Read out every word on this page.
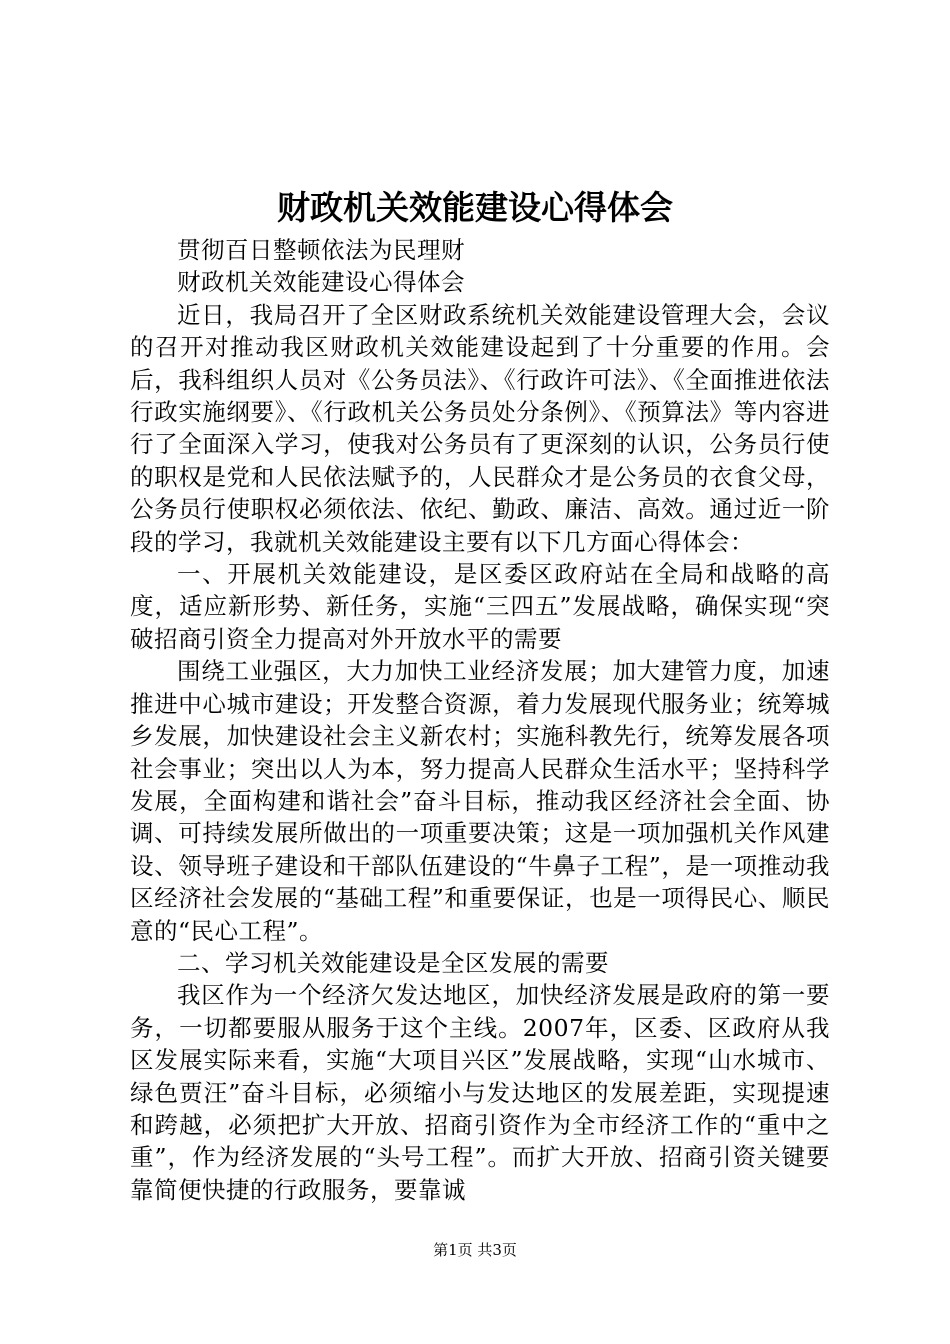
财政机关效能建设心得体会

贯彻百日整顿依法为民理财

财政机关效能建设心得体会

近日，我局召开了全区财政系统机关效能建设管理大会，会议的召开对推动我区财政机关效能建设起到了十分重要的作用。会后，我科组织人员对《公务员法》、《行政许可法》、《全面推进依法行政实施纲要》、《行政机关公务员处分条例》、《预算法》等内容进行了全面深入学习，使我对公务员有了更深刻的认识，公务员行使的职权是党和人民依法赋予的，人民群众才是公务员的衣食父母，公务员行使职权必须依法、依纪、勤政、廉洁、高效。通过近一阶段的学习，我就机关效能建设主要有以下几方面心得体会：

一、开展机关效能建设，是区委区政府站在全局和战略的高度，适应新形势、新任务，实施“三四五”发展战略，确保实现“突破招商引资全力提高对外开放水平的需要

围绕工业强区，大力加快工业经济发展；加大建管力度，加速推进中心城市建设；开发整合资源，着力发展现代服务业；统筹城乡发展，加快建设社会主义新农村；实施科教先行，统筹发展各项社会事业；突出以人为本，努力提高人民群众生活水平；坚持科学发展，全面构建和谐社会”奋斗目标，推动我区经济社会全面、协调、可持续发展所做出的一项重要决策；这是一项加强机关作风建设、领导班子建设和干部队伍建设的“牛鼻子工程”，是一项推动我区经济社会发展的“基础工程”和重要保证，也是一项得民心、顺民意的“民心工程”。

二、学习机关效能建设是全区发展的需要

我区作为一个经济欠发达地区，加快经济发展是政府的第一要务，一切都要服从服务于这个主线。2007年，区委、区政府从我区发展实际来看，实施“大项目兴区”发展战略，实现“山水城市、绿色贾汪”奋斗目标，必须缩小与发达地区的发展差距，实现提速和跨越，必须把扩大开放、招商引资作为全市经济工作的“重中之重”，作为经济发展的“头号工程”。而扩大开放、招商引资关键要靠简便快捷的行政服务，要靠诚

第1页 共3页
